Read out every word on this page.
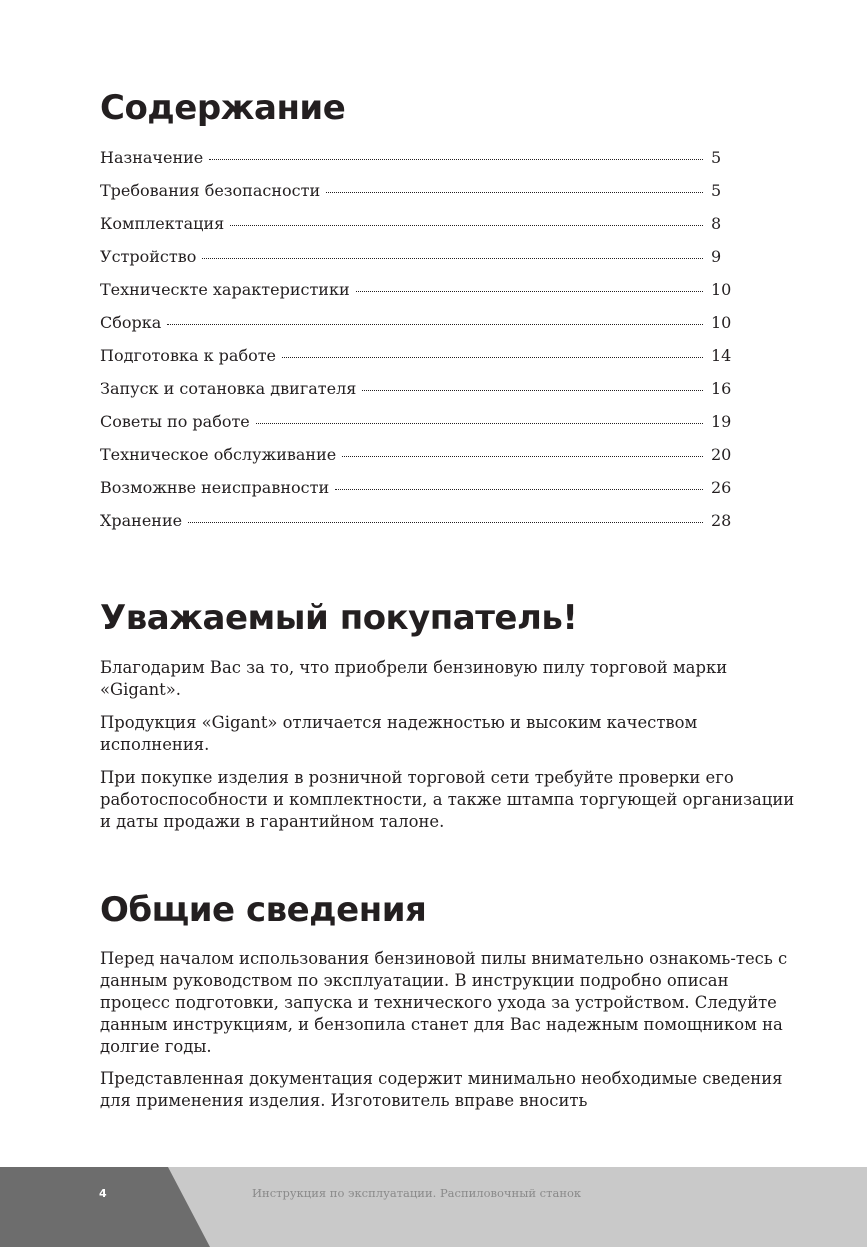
Содержание
Назначение	5
Требования безопасности	5
Комплектация	8
Устройство	9
Техническте характеристики	10
Сборка	10
Подготовка к работе	14
Запуск и сотановка двигателя	16
Советы по работе	19
Техническое обслуживание	20
Возможнве неисправности	26
Хранение	28
Уважаемый покупатель!

Благодарим Вас за то, что приобрели бензиновую пилу торговой марки «Gigant».

Продукция «Gigant» отличается надежностью и высоким качеством исполнения.

При покупке изделия в розничной торговой сети требуйте проверки его работоспособности и комплектности, а также штампа торгующей организации и даты продажи в гарантийном талоне.

Общие сведения

Перед началом использования бензиновой пилы внимательно ознакомь-тесь с данным руководством по эксплуатации. В инструкции подробно описан процесс подготовки, запуска и технического ухода за устройством. Следуйте данным инструкциям, и бензопила станет для Вас надежным помощником на долгие годы.

Представленная документация содержит минимально необходимые сведения для применения изделия. Изготовитель вправе вносить

4	Инструкция по эксплуатации. Распиловочный станок
